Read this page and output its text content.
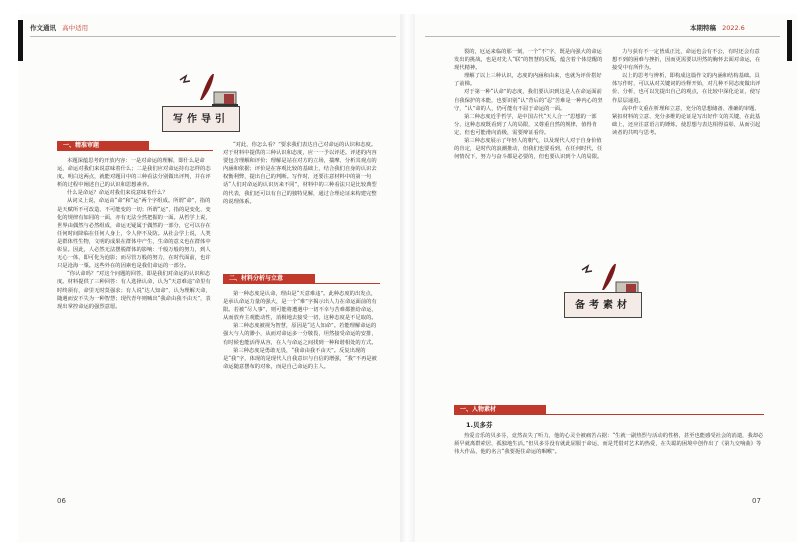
作文通讯 高中适用
写作导引
一、精准审题

本题深蕴思考的开放内容：一是对命运的理解，即什么是命运，命运对我们来说意味着什么；二是我们应对命运持有怎样的态度。明白这两点，就能对题目中的三种看法分别做出评判，并在评析的过程中阐述自己的认识和思想素养。

什么是命运？命运对我们来说意味着什么？

从词义上说，命运由“命”和“运”两个字组成。所谓“命”，指的是天赋所不可改造、不可能变的一切；所谓“运”，指的是变化、变化的规律有如同的一面，亦有无法全然把握的一面。从哲学上说，世界由偶然与必然组成，命运无疑属于偶然的一部分，它可以存在任何时间降临在任何人身上，令人猝不及防。从社会学上说，人类是群体性生物，文明的成果在群体中产生，生命的意义也在群体中彰显。因此，人必然无法摆脱群体的影响：千般万般的努力，到人无心一体，即可化为泡影；而尽管万般的努力，在时代面前，也许只是沧海一粟。这些外在的因素也是我们命运的一部分。

“你认命吗？”对这个问题的回答，即是我们对命运的认识和态度。材料提供了三种回答：有人选择认命，认为“天意难违”命里有时终须有，命里无时莫强求；有人说“达人知命”，认为理解天命，随遇而安不失为一种智慧；现代青年则喊出“我命由我不由天”，表现出掌控命运的强烈意愿。

“对此，你怎么看？”要求我们表达自己对命运的认识和态度。对于材料中提供的三种认识和态度，应一一予以评述。评述的内容要包含理解和评价；理解是站在对方的立场，揣摩、分析其观点的内涵和依据；评价是在客观比较的基础上，结合我们自身的认识去权衡利弊，提出自己的判断。写作时，还要注意材料中的第一句话“人们对命运的认识历来不同”，材料中的三种看法只是比较典型的代表，我们还可以有自己的独特见解，通过合理论证来构建完整的说理体系。

二、材料分析与立意

第一种态度是认命，理由是“天意难违”。此种态度的出发点，是承认命运力量的强大，是一个“难”字揭示出人力在命运面前的有限。若被“尽人事”，则可能将遭遇中一切不幸与苦难都推给命运，从而放弃主观能动性，消极地去接受一切，这种态度是不足取的。

第二种态度被视为智慧，原因是“达人知命”。若能理解命运的强大与人的渺小，从而对命运多一分敬畏，坦然接受命运的安排，有时候也能活得从容，在人与命运之间找到一种和谐相处的方式。

第三种态度是勇敢无畏，“我命由我不由天”。反复出现的是“我”字，体现的是现代人自我意识与自信的增强，“我”不再是被命运随意摆布的对象，而是自己命运的主人。

06
本期特稿 2022.6

裂的，厄运来临的那一刻，一个“不”字，既是向强大的命运发出的挑战，也是对先人“联”的智慧的反叛，蕴含着个体觉醒的现代精神。

理解了以上三种认识，态度的内涵和由来，也就为评价搭好了前梯。

对于第一种“认命”的态度，我们要认识到这是人在命运面前自我保护的本能，也要识别“认”背后的“忍”苦难是一种内心的坚守，“认”命的人，仍可能有不屈于命运的一面。

第二种态度近乎哲学，是中国古代“天人合一”思想的一部分，这种态度既看到了人的局限，又尊重自然的规律，值得肯定，但也可能滑向消极，需要辩证看待。

第三种态度展示了年轻人的朝气，以及现代人对于自身价值的肯定，是时代的浪潮推动，但我们也要看到，在任何时代，任何情况下，努力与奋斗都是必要的，但也要认识到个人的局限。

力与获有不一定皆成正比，命运也会有不公，有时还会有意想不到的困难与挫折，因而更需要以坦然的胸怀去面对命运，在接受中有所作为。

以上的思考与辨析，即构成这篇作文的内涵和结构基础。具体写作时，可以从对关键词的诠释开始，对几种不同态度做出评价、分析，也可以先提出自己的观点，在比较中深化论证，使写作层层递进。

高中作文重在析理和立意，充分的思想储备、准确的审题、紧扣材料的立意、充分多维的论证是写出好作文的关键，在此基础上，还应注意语言的锤炼，使思想与表达相得益彰，从而引起读者的共鸣与思考。

备考素材
一、人物素材
1.贝多芬

热爱音乐的贝多芬，竟然丧失了听力，他的心灵全被痛苦占据：“生就一副热烈与活动的性格，甚至也能感受社会的消遣，我却必须早就离群索居，孤独地生活。”但贝多芬没有就此屈服于命运，而是凭借对艺术的热爱，在失聪的困境中创作出了《第九交响曲》等伟大作品，他的名言“我要扼住命运的咽喉”。

07
